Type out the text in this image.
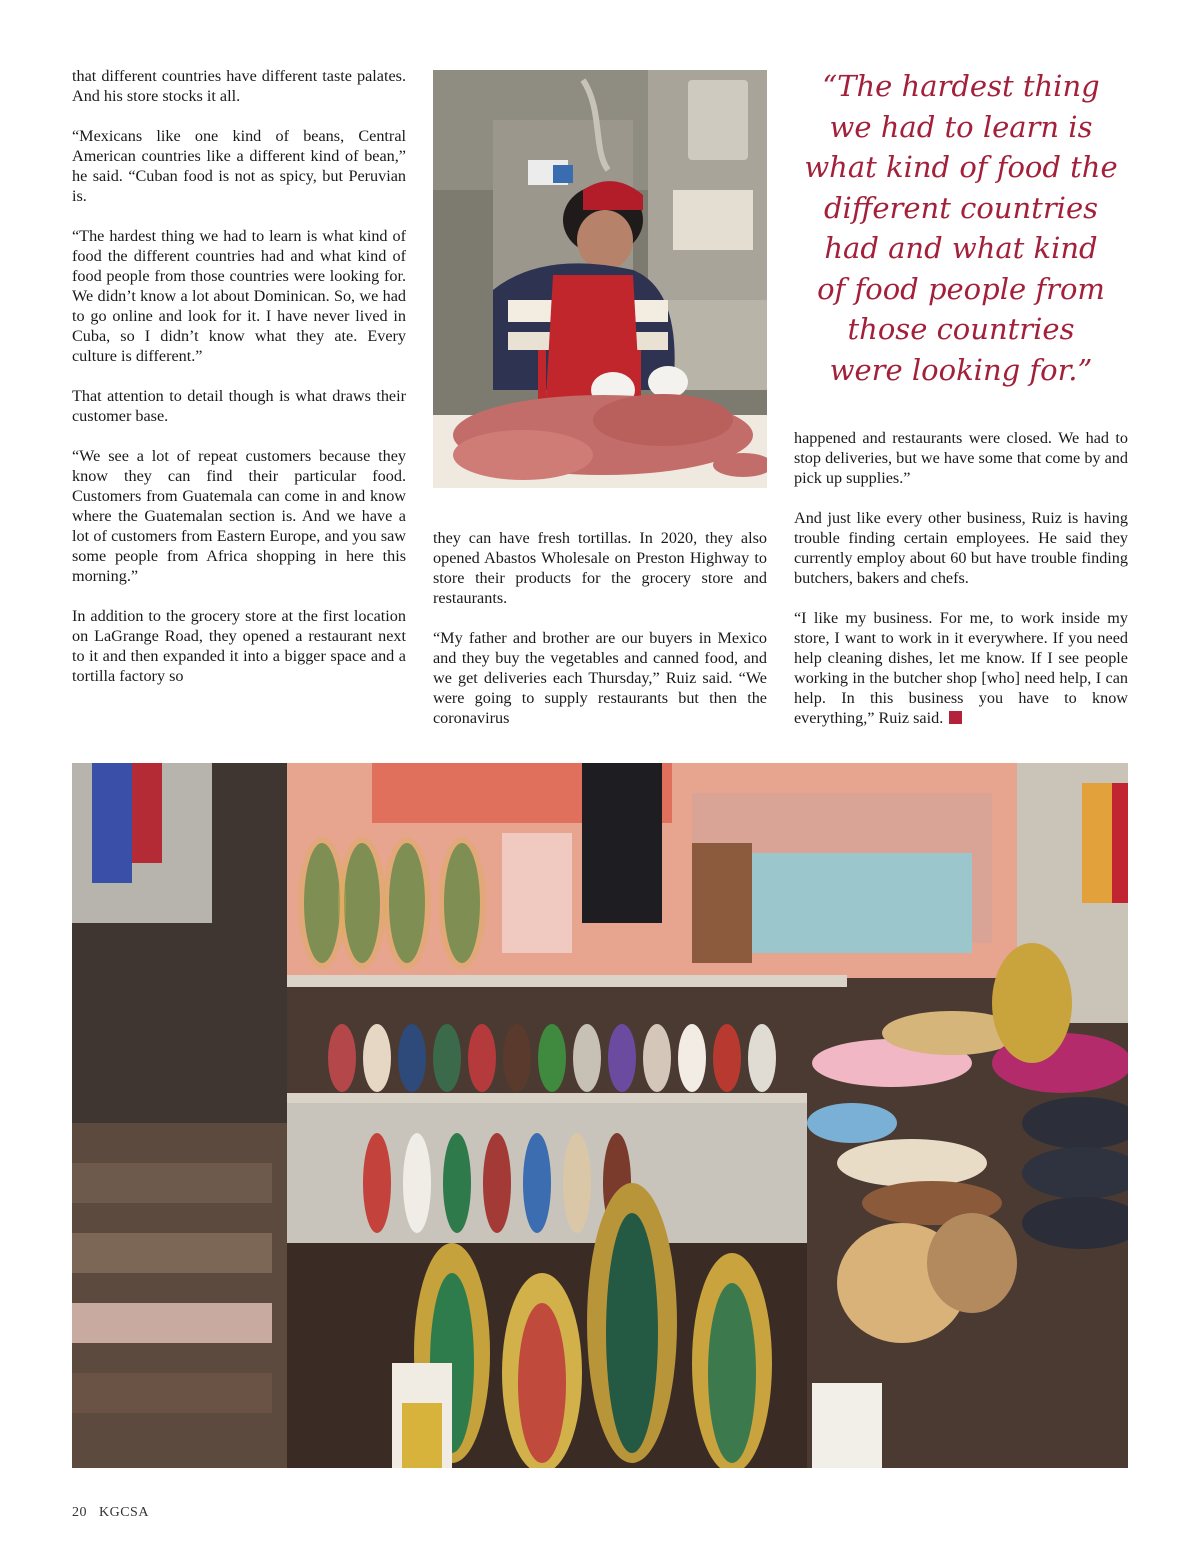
that different countries have different taste palates. And his store stocks it all.

“Mexicans like one kind of beans, Central American countries like a different kind of bean,” he said. “Cuban food is not as spicy, but Peruvian is.

“The hardest thing we had to learn is what kind of food the different countries had and what kind of food people from those countries were looking for. We didn’t know a lot about Dominican. So, we had to go online and look for it. I have never lived in Cuba, so I didn’t know what they ate. Every culture is different.”

That attention to detail though is what draws their customer base.

“We see a lot of repeat customers because they know they can find their particular food. Customers from Guatemala can come in and know where the Guatemalan section is. And we have a lot of customers from Eastern Europe, and you saw some people from Africa shopping in here this morning.”

In addition to the grocery store at the first location on LaGrange Road, they opened a restaurant next to it and then expanded it into a bigger space and a tortilla factory so

“The hardest thing
we had to learn is
what kind of food the
different countries
had and what kind
of food people from
those countries
were looking for.”

they can have fresh tortillas. In 2020, they also opened Abastos Wholesale on Preston Highway to store their products for the grocery store and restaurants.

“My father and brother are our buyers in Mexico and they buy the vegetables and canned food, and we get deliveries each Thursday,” Ruiz said. “We were going to supply restaurants but then the coronavirus

happened and restaurants were closed. We had to stop deliveries, but we have some that come by and pick up supplies.”

And just like every other business, Ruiz is having trouble finding certain employees. He said they currently employ about 60 but have trouble finding butchers, bakers and chefs.

“I like my business. For me, to work inside my store, I want to work in it everywhere. If you need help cleaning dishes, let me know. If I see people working in the butcher shop [who] need help, I can help. In this business you have to know everything,” Ruiz said.

20 KGCSA
